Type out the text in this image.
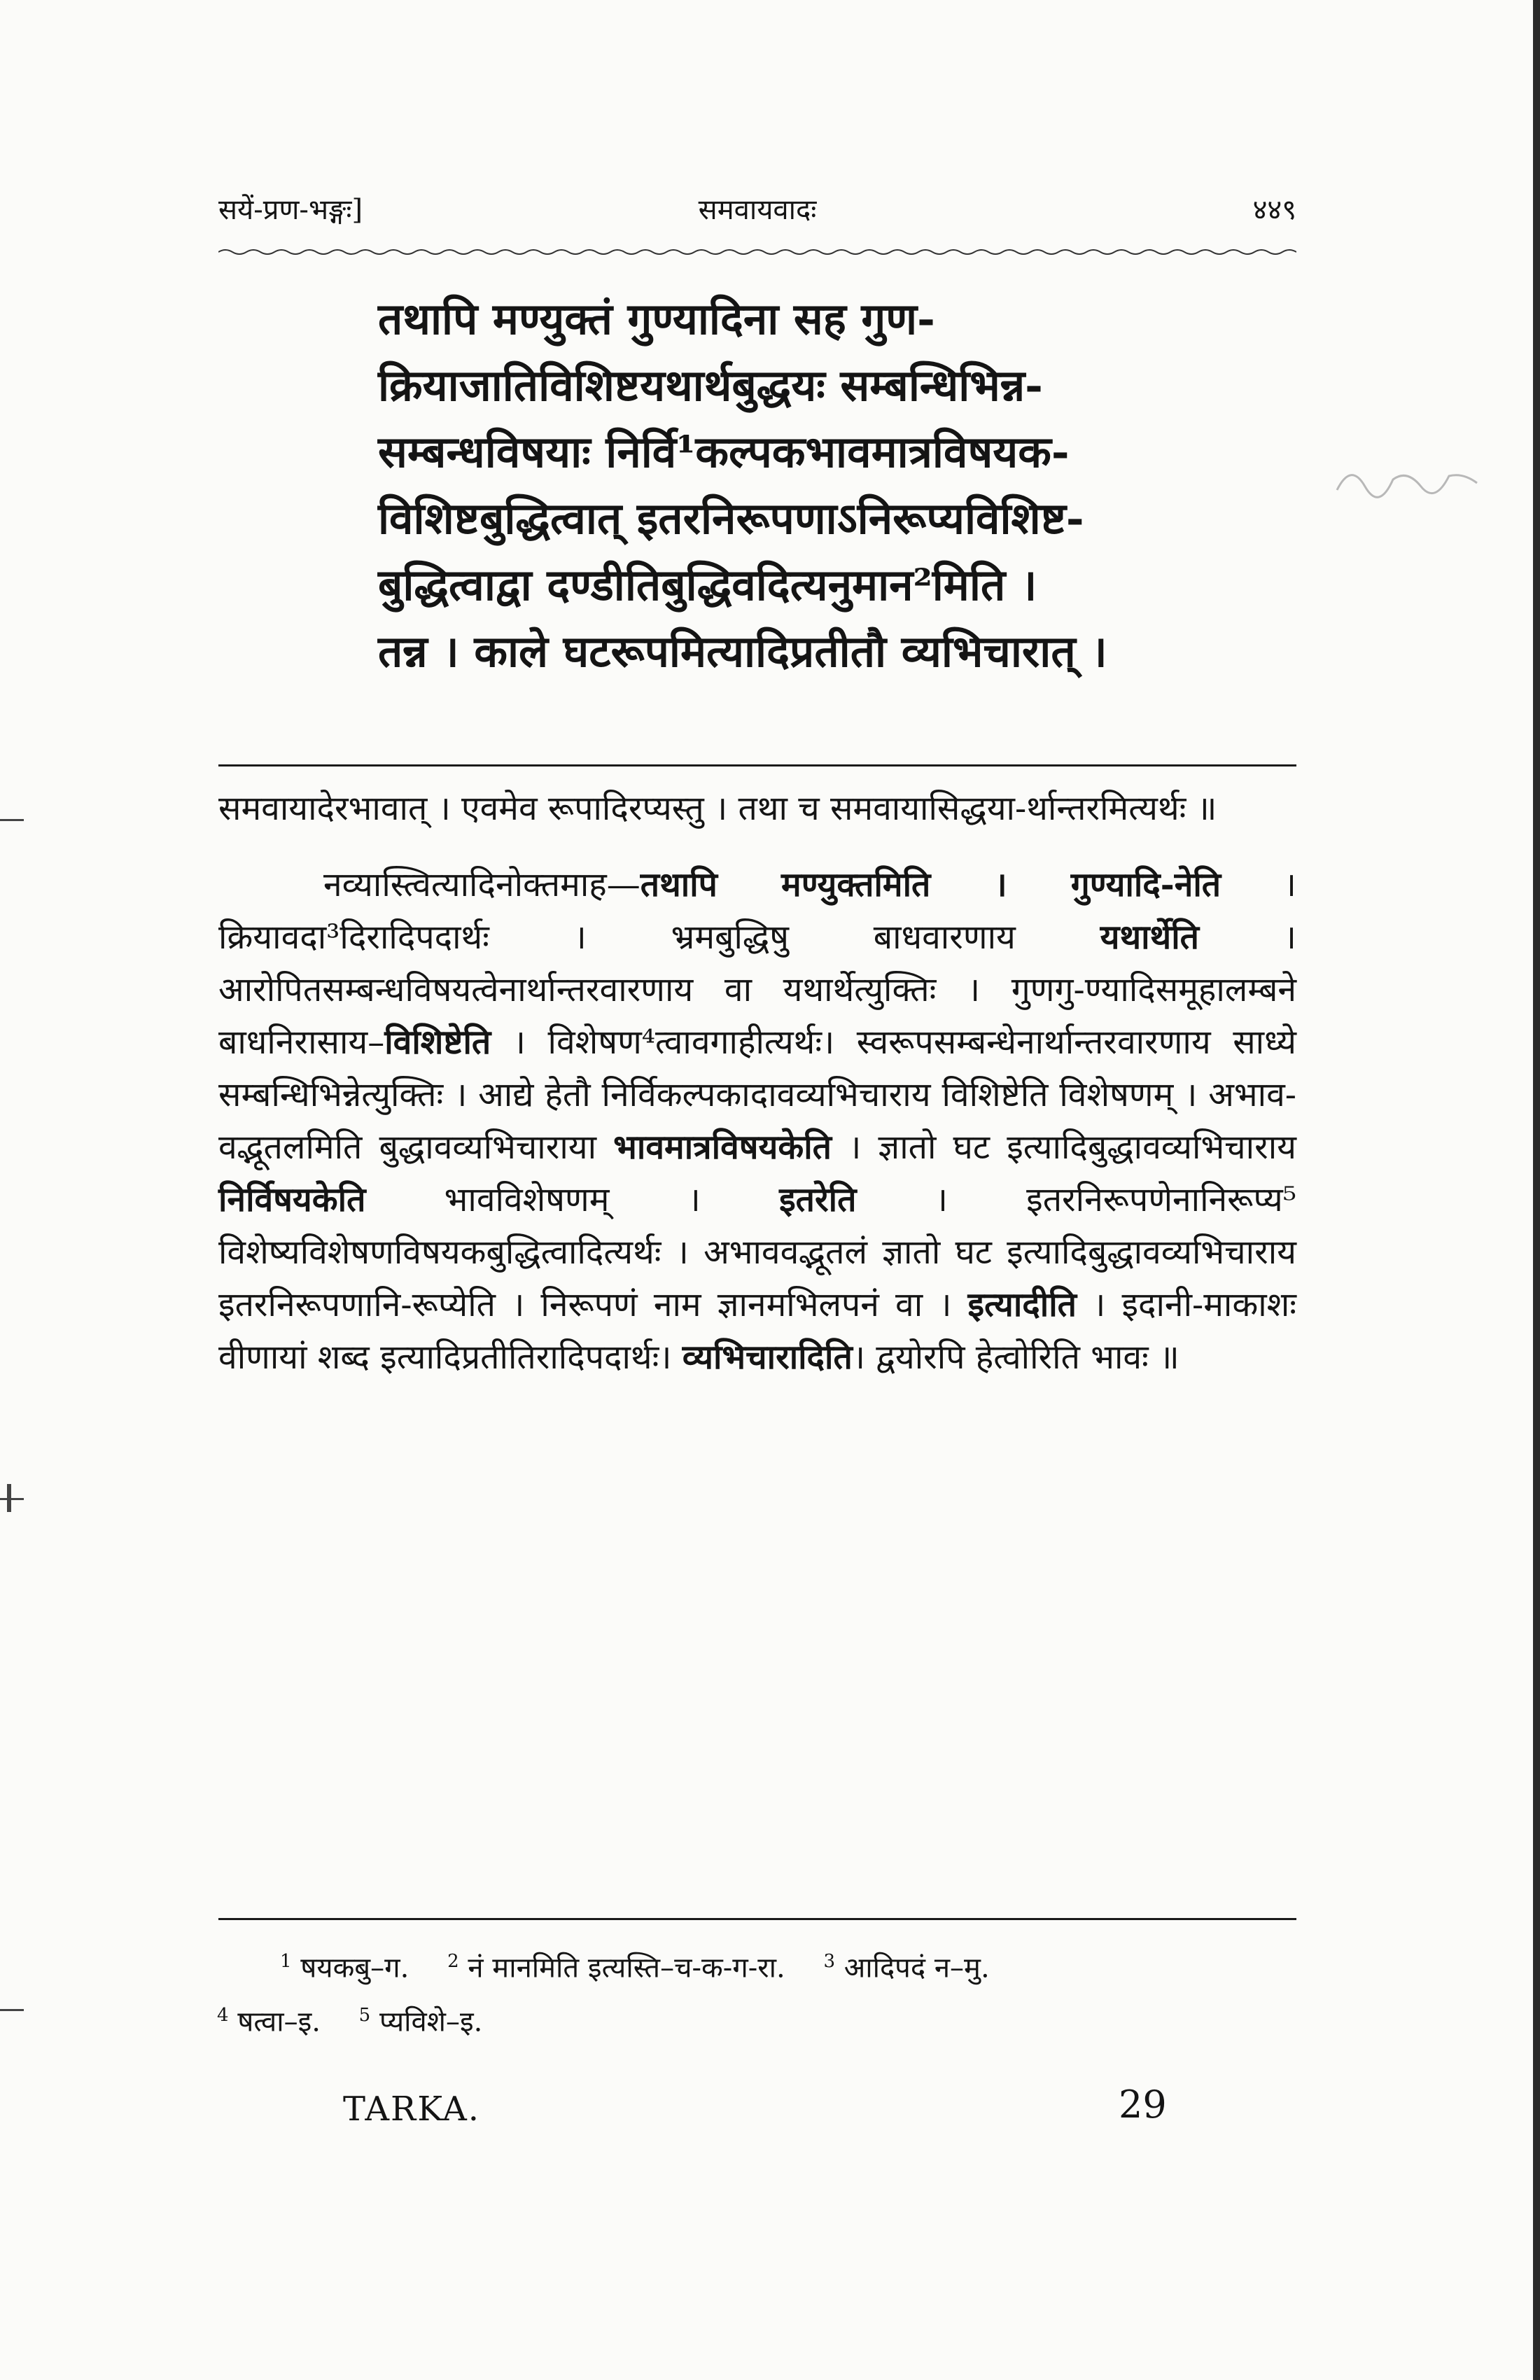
सयें-प्रण-भङ्गः]	समवायवादः	४४९
तथापि मण्युक्तं गुण्यादिना सह गुण-
क्रियाजातिविशिष्टयथार्थबुद्धयः सम्बन्धिभिन्न-
सम्बन्धविषयाः निर्वि¹कल्पकभावमात्रविषयक-
विशिष्टबुद्धित्वात् इतरनिरूपणाऽनिरूप्यविशिष्ट-
बुद्धित्वाद्वा दण्डीतिबुद्धिवदित्यनुमान²मिति ।
तन्न । काले घटरूपमित्यादिप्रतीतौ व्यभिचारात् ।

समवायादेरभावात् । एवमेव रूपादिरप्यस्तु । तथा च समवायासिद्धया-र्थान्तरमित्यर्थः ॥

नव्यास्त्वित्यादिनोक्तमाह—तथापि मण्युक्तमिति । गुण्यादि-नेति । क्रियावदा³दिरादिपदार्थः । भ्रमबुद्धिषु बाधवारणाय यथार्थेति । आरोपितसम्बन्धविषयत्वेनार्थान्तरवारणाय वा यथार्थेत्युक्तिः । गुणगु-ण्यादिसमूहालम्बने बाधनिरासाय–विशिष्टेति । विशेषण⁴त्वावगाहीत्यर्थः। स्वरूपसम्बन्धेनार्थान्तरवारणाय साध्ये सम्बन्धिभिन्नेत्युक्तिः । आद्ये हेतौ निर्विकल्पकादावव्यभिचाराय विशिष्टेति विशेषणम् । अभाव-वद्भूतलमिति बुद्धावव्यभिचाराया भावमात्रविषयकेति । ज्ञातो घट इत्यादिबुद्धावव्यभिचाराय निर्विषयकेति भावविशेषणम् । इतरेति । इतरनिरूपणेनानिरूप्य⁵ विशेष्यविशेषणविषयकबुद्धित्वादित्यर्थः । अभाववद्भूतलं ज्ञातो घट इत्यादिबुद्धावव्यभिचाराय इतरनिरूपणानि-रूप्येति । निरूपणं नाम ज्ञानमभिलपनं वा । इत्यादीति । इदानी-माकाशः वीणायां शब्द इत्यादिप्रतीतिरादिपदार्थः। व्यभिचारादिति। द्वयोरपि हेत्वोरिति भावः ॥

$^1$ षयकबु–ग. $^2$ नं मानमिति इत्यस्ति–च-क-ग-रा. $^3$ आदिपदं न–मु.
$^4$ षत्वा–इ. $^5$ प्यविशे–इ.
TARKA.	29
